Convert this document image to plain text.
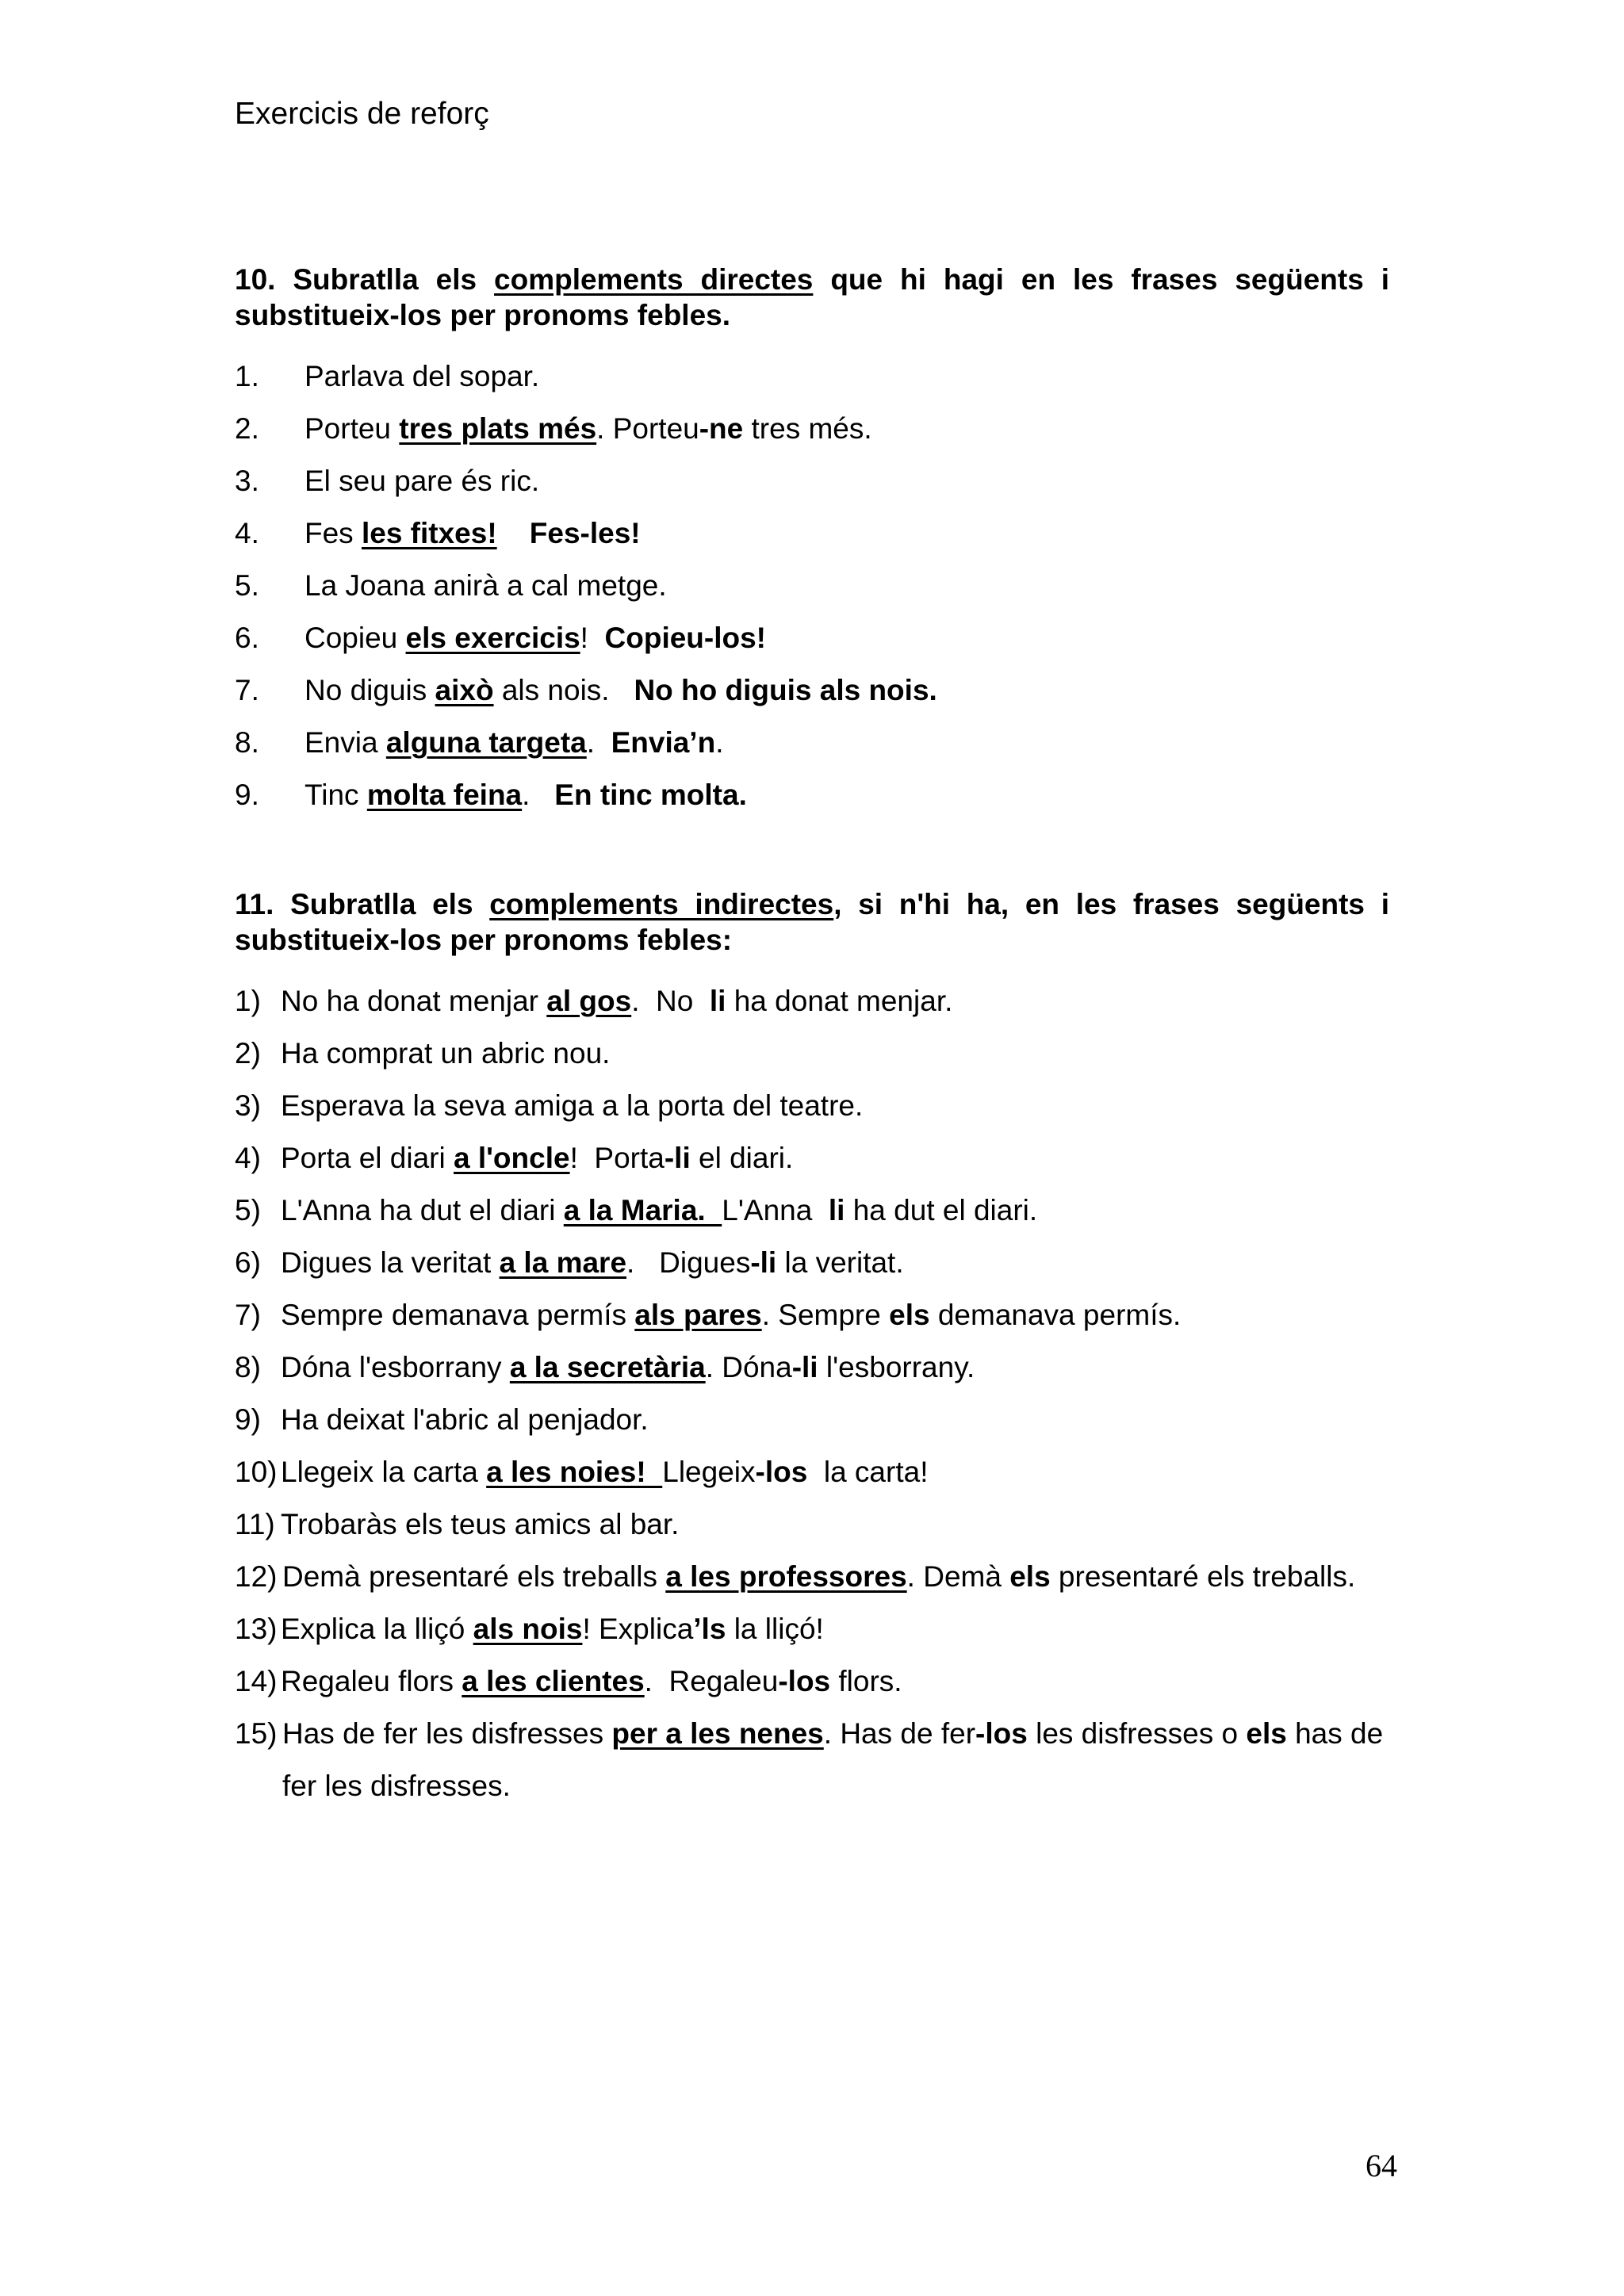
Exercicis de reforç

10. Subratlla els complements directes que hi hagi en les frases següents i substitueix-los per pronoms febles.

1. Parlava del sopar.
2. Porteu tres plats més. Porteu-ne tres més.
3. El seu pare és ric.
4. Fes les fitxes! Fes-les!
5. La Joana anirà a cal metge.
6. Copieu els exercicis!  Copieu-los!
7. No diguis això als nois.   No ho diguis als nois.
8. Envia alguna targeta.  Envia’n.
9. Tinc molta feina.   En tinc molta.

11. Subratlla els complements indirectes, si n'hi ha, en les frases següents i substitueix-los per pronoms febles:

1) No ha donat menjar al gos.  No  li ha donat menjar.
2) Ha comprat un abric nou.
3) Esperava la seva amiga a la porta del teatre.
4) Porta el diari a l'oncle!  Porta-li el diari.
5) L'Anna ha dut el diari a la Maria.  L'Anna  li ha dut el diari.
6) Digues la veritat a la mare.   Digues-li la veritat.
7) Sempre demanava permís als pares. Sempre els demanava permís.
8) Dóna l'esborrany a la secretària. Dóna-li l'esborrany.
9) Ha deixat l'abric al penjador.
10) Llegeix la carta a les noies!  Llegeix-los  la carta!
11) Trobaràs els teus amics al bar.
12) Demà presentaré els treballs a les professores. Demà els presentaré els treballs.
13) Explica la lliçó als nois! Explica’ls la lliçó!
14) Regaleu flors a les clientes.  Regaleu-los flors.
15) Has de fer les disfresses per a les nenes. Has de fer-los les disfresses o els has de fer les disfresses.
64
